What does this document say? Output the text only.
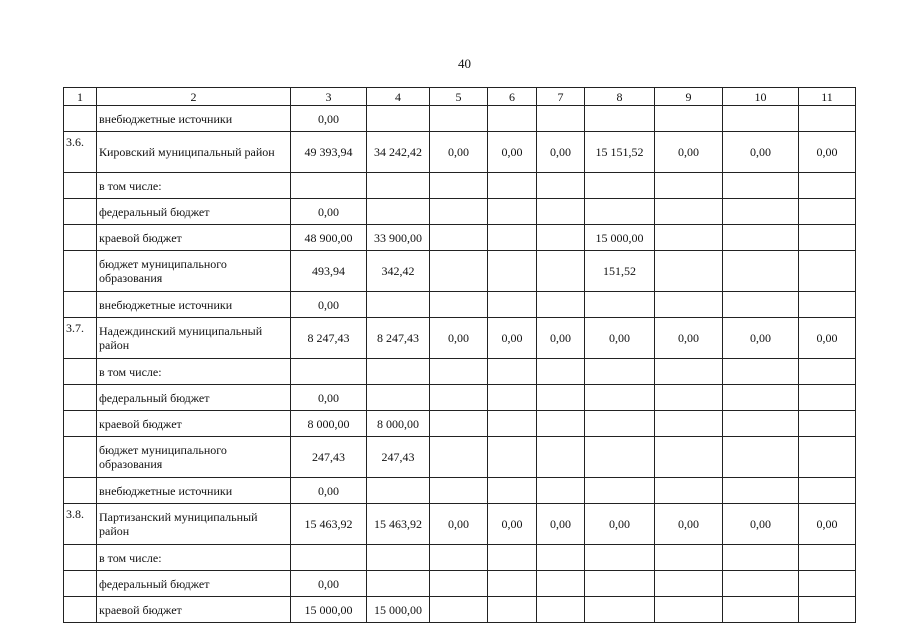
40
1	2	3	4	5	6	7	8	9	10	11
	внебюджетные источники	0,00								
3.6.	Кировский муниципальный район	49 393,94	34 242,42	0,00	0,00	0,00	15 151,52	0,00	0,00	0,00
	в том числе:									
	федеральный бюджет	0,00								
	краевой бюджет	48 900,00	33 900,00				15 000,00			
	бюджет муниципального образования	493,94	342,42				151,52			
	внебюджетные источники	0,00								
3.7.	Надеждинский муниципальный район	8 247,43	8 247,43	0,00	0,00	0,00	0,00	0,00	0,00	0,00
	в том числе:									
	федеральный бюджет	0,00								
	краевой бюджет	8 000,00	8 000,00							
	бюджет муниципального образования	247,43	247,43							
	внебюджетные источники	0,00								
3.8.	Партизанский муниципальный район	15 463,92	15 463,92	0,00	0,00	0,00	0,00	0,00	0,00	0,00
	в том числе:									
	федеральный бюджет	0,00								
	краевой бюджет	15 000,00	15 000,00							
